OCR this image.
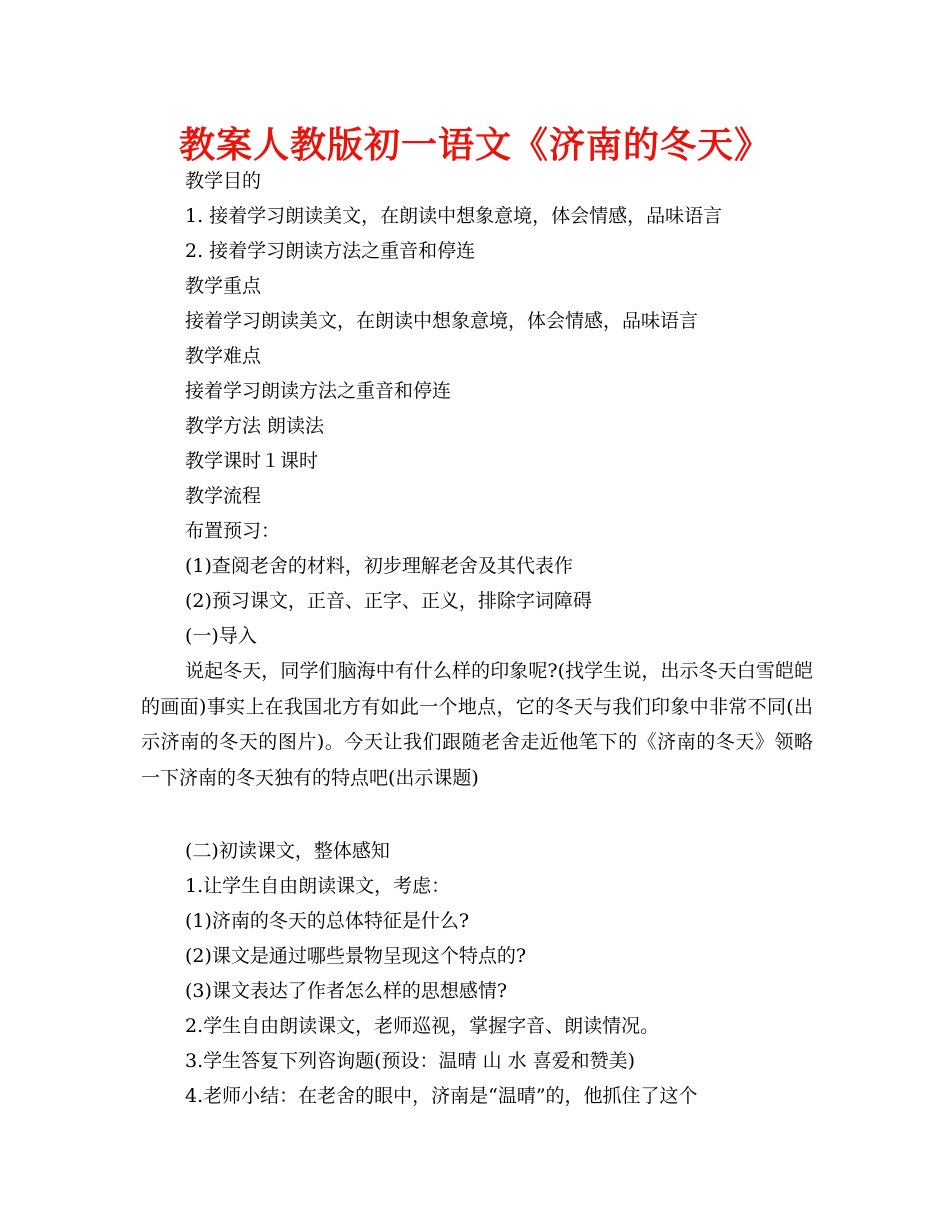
教案人教版初一语文《济南的冬天》
教学目的
1. 接着学习朗读美文，在朗读中想象意境，体会情感，品味语言
2. 接着学习朗读方法之重音和停连
教学重点
接着学习朗读美文，在朗读中想象意境，体会情感，品味语言
教学难点
接着学习朗读方法之重音和停连
教学方法 朗读法
教学课时１课时
教学流程
布置预习：
(1)查阅老舍的材料，初步理解老舍及其代表作
(2)预习课文，正音、正字、正义，排除字词障碍
(一)导入
说起冬天，同学们脑海中有什么样的印象呢?(找学生说，出示冬天白雪皑皑的画面)事实上在我国北方有如此一个地点，它的冬天与我们印象中非常不同(出示济南的冬天的图片)。今天让我们跟随老舍走近他笔下的《济南的冬天》领略一下济南的冬天独有的特点吧(出示课题)
(二)初读课文，整体感知
1.让学生自由朗读课文，考虑：
(1)济南的冬天的总体特征是什么?
(2)课文是通过哪些景物呈现这个特点的?
(3)课文表达了作者怎么样的思想感情?
2.学生自由朗读课文，老师巡视，掌握字音、朗读情况。
3.学生答复下列咨询题(预设：温晴 山 水 喜爱和赞美)
4.老师小结：在老舍的眼中，济南是“温晴”的，他抓住了这个
